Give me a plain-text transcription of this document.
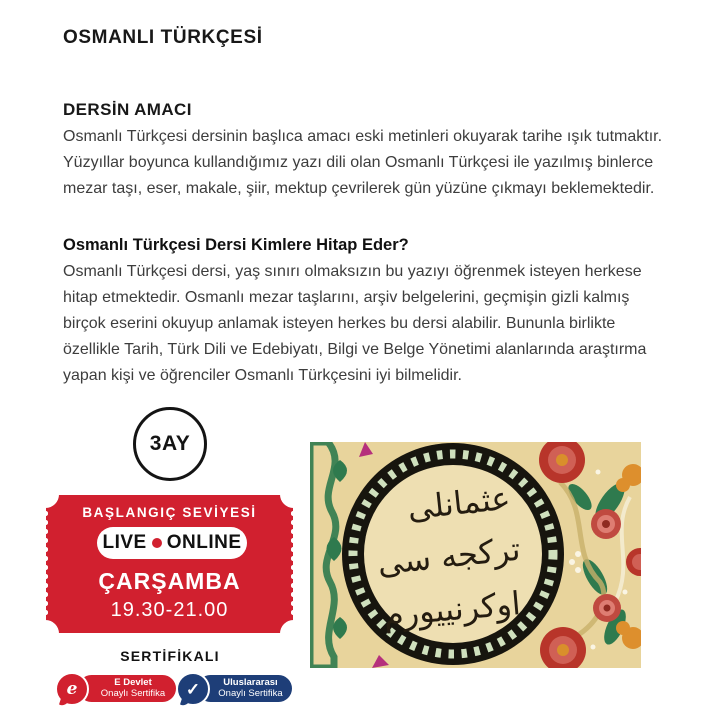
OSMANLI TÜRKÇESİ
DERSİN AMACI
Osmanlı Türkçesi dersinin başlıca amacı eski metinleri okuyarak tarihe ışık tutmaktır. Yüzyıllar boyunca kullandığımız yazı dili olan Osmanlı Türkçesi ile yazılmış binlerce mezar taşı, eser, makale, şiir, mektup çevrilerek gün yüzüne çıkmayı beklemektedir.
Osmanlı Türkçesi Dersi Kimlere Hitap Eder?
Osmanlı Türkçesi dersi, yaş sınırı olmaksızın bu yazıyı öğrenmek isteyen herkese hitap etmektedir. Osmanlı mezar taşlarını, arşiv belgelerini, geçmişin gizli kalmış birçok eserini okuyup anlamak isteyen herkes bu dersi alabilir. Bununla birlikte özellikle Tarih, Türk Dili ve Edebiyatı, Bilgi ve Belge Yönetimi alanlarında araştırma yapan kişi ve öğrenciler Osmanlı Türkçesini iyi bilmelidir.
3AY
BAŞLANGIÇ SEVİYESİ
LIVE ONLINE
ÇARŞAMBA
19.30-21.00
SERTİFİKALI
E Devlet
Onaylı Sertifika
e	Uluslararası
Onaylı Sertifika
✓
عثمانلى
تركجه سى
اوكرنييورم
